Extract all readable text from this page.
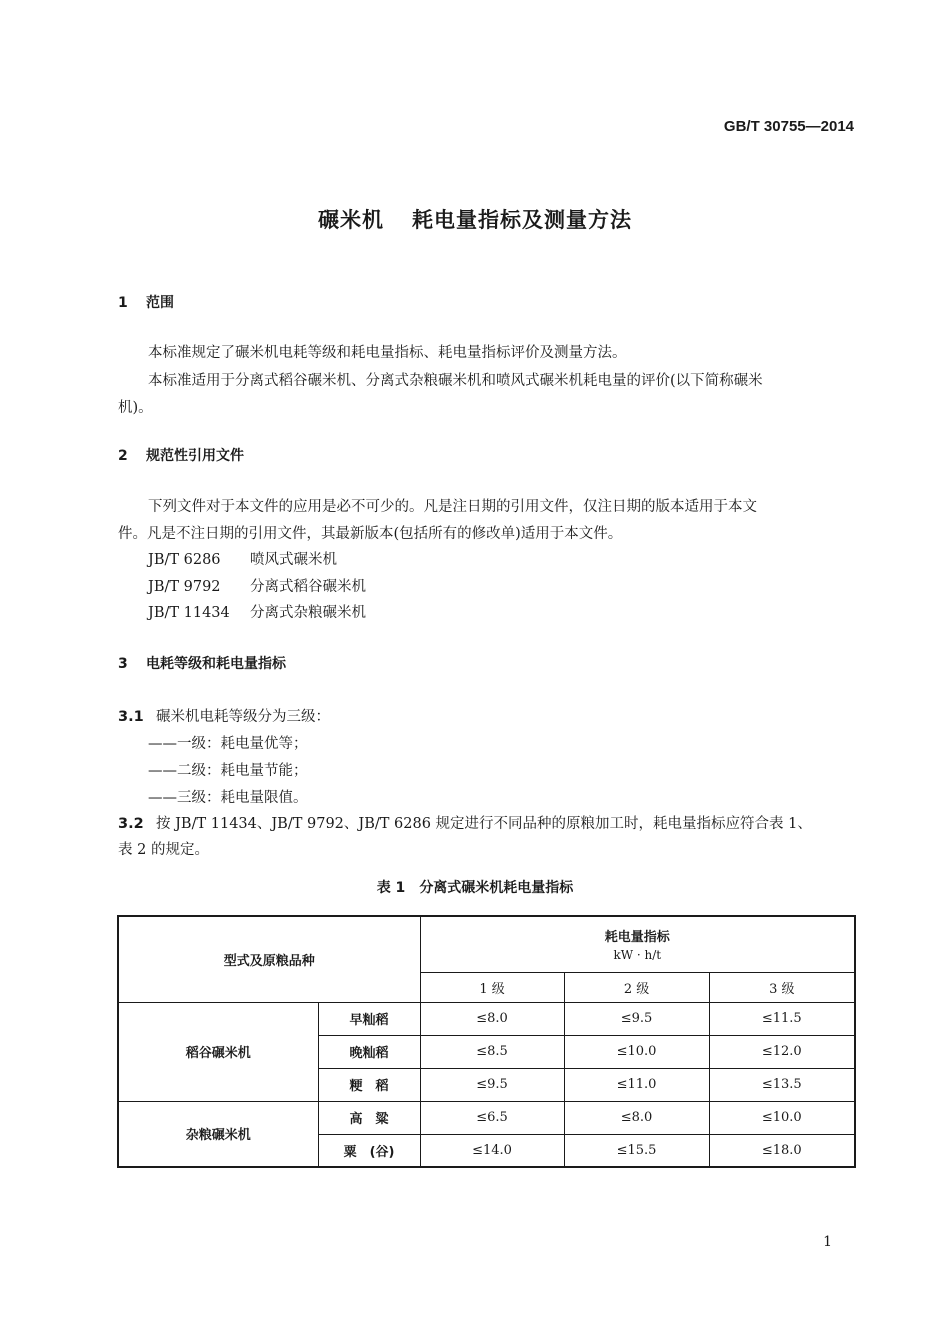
GB/T 30755—2014
碾米机 耗电量指标及测量方法
1 范围
本标准规定了碾米机电耗等级和耗电量指标、耗电量指标评价及测量方法。
本标准适用于分离式稻谷碾米机、分离式杂粮碾米机和喷风式碾米机耗电量的评价(以下简称碾米
机)。
2 规范性引用文件
下列文件对于本文件的应用是必不可少的。凡是注日期的引用文件，仅注日期的版本适用于本文
件。凡是不注日期的引用文件，其最新版本(包括所有的修改单)适用于本文件。
JB/T 6286 喷风式碾米机
JB/T 9792 分离式稻谷碾米机
JB/T 11434 分离式杂粮碾米机
3 电耗等级和耗电量指标
3.1 碾米机电耗等级分为三级：
——一级：耗电量优等；
——二级：耗电量节能；
——三级：耗电量限值。
3.2 按 JB/T 11434、JB/T 9792、JB/T 6286 规定进行不同品种的原粮加工时，耗电量指标应符合表 1、
表 2 的规定。
表 1 分离式碾米机耗电量指标
型式及原粮品种		耗电量指标
kW · h/t		

		1 级	2 级	3 级
稻谷碾米机	早籼稻	≤8.0	≤9.5	≤11.5
	晚籼稻	≤8.5	≤10.0	≤12.0
	粳　稻	≤9.5	≤11.0	≤13.5
杂粮碾米机	高　粱	≤6.5	≤8.0	≤10.0
	粟　(谷)	≤14.0	≤15.5	≤18.0
1
